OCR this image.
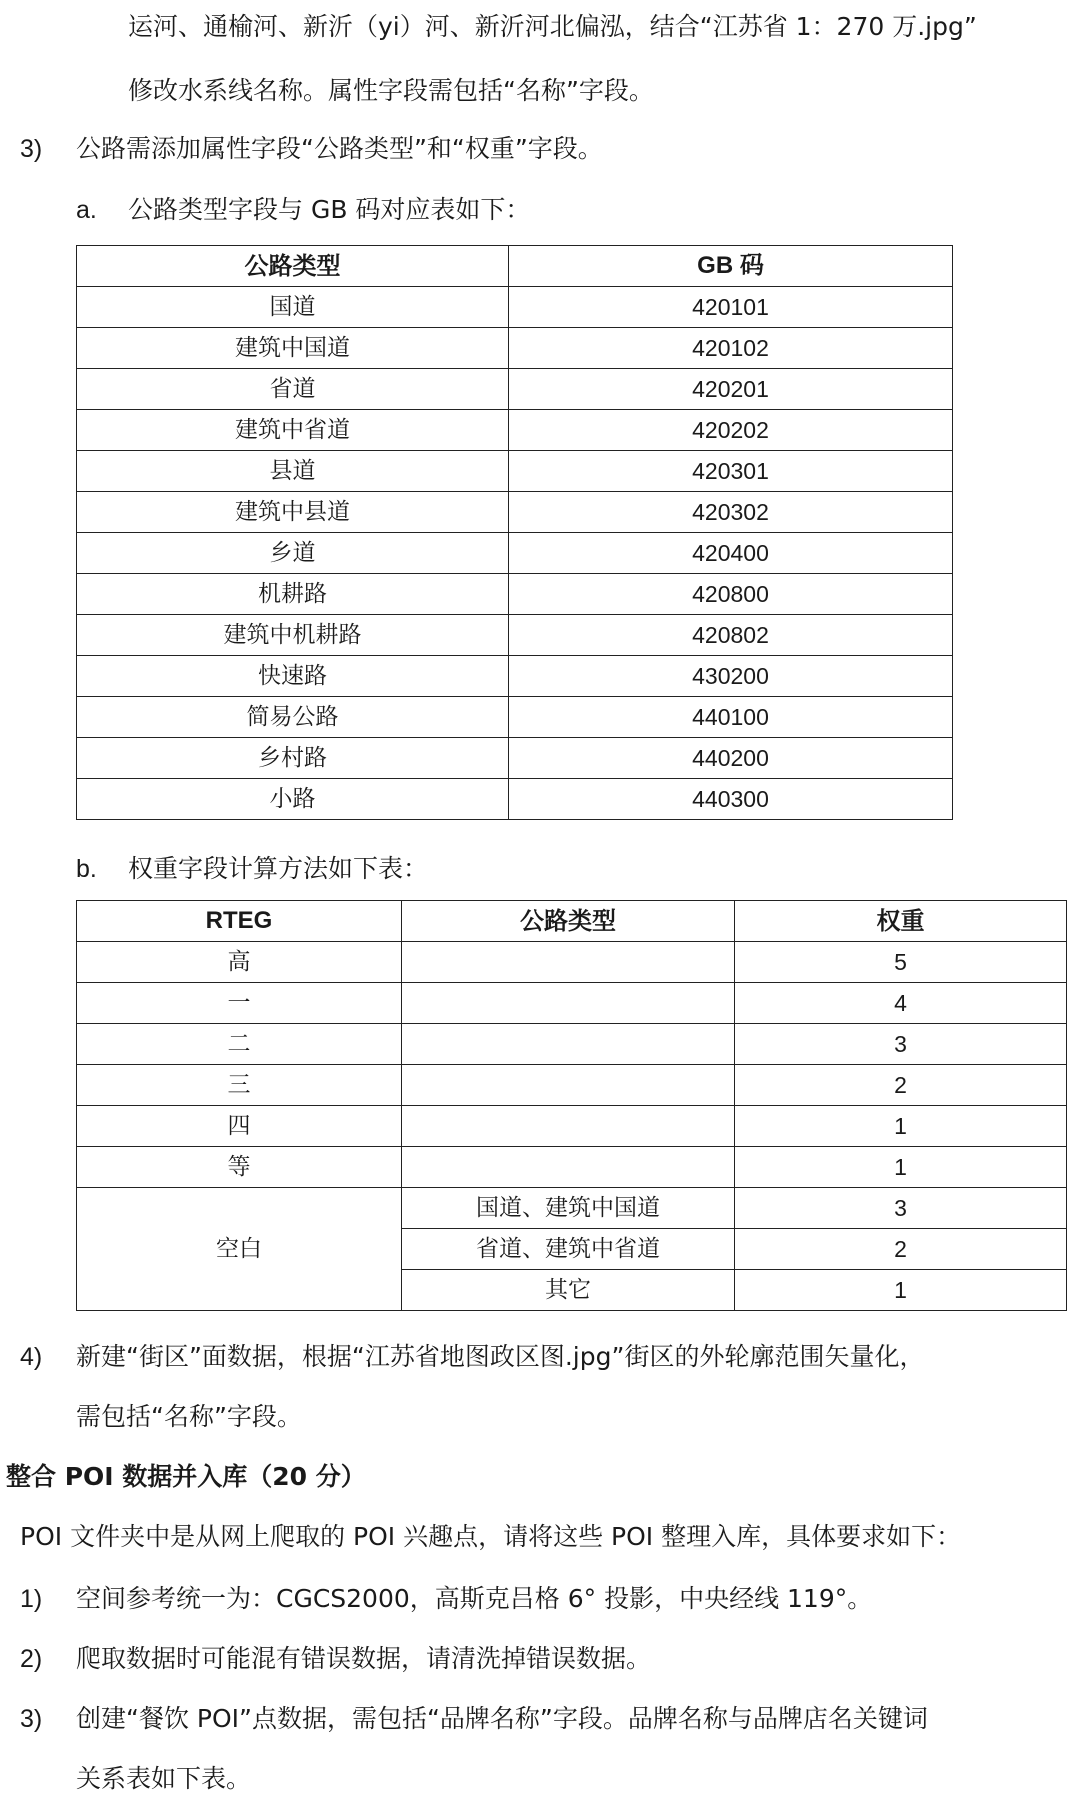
运河、通榆河、新沂（yi）河、新沂河北偏泓，结合“江苏省 1：270 万.jpg”
修改水系线名称。属性字段需包括“名称”字段。
3) 公路需添加属性字段“公路类型”和“权重”字段。
a. 公路类型字段与 GB 码对应表如下：
公路类型	GB 码
国道	420101
建筑中国道	420102
省道	420201
建筑中省道	420202
县道	420301
建筑中县道	420302
乡道	420400
机耕路	420800
建筑中机耕路	420802
快速路	430200
简易公路	440100
乡村路	440200
小路	440300
b. 权重字段计算方法如下表：
RTEG	公路类型	权重
高		5
一		4
二		3
三		2
四		1
等		1
空白	国道、建筑中国道	3
	省道、建筑中省道	2
	其它	1
4) 新建“街区”面数据，根据“江苏省地图政区图.jpg”街区的外轮廓范围矢量化，
需包括“名称”字段。
整合 POI 数据并入库（20 分）
POI 文件夹中是从网上爬取的 POI 兴趣点，请将这些 POI 整理入库，具体要求如下：
1) 空间参考统一为：CGCS2000，高斯克吕格 6° 投影，中央经线 119°。
2) 爬取数据时可能混有错误数据，请清洗掉错误数据。
3) 创建“餐饮 POI”点数据，需包括“品牌名称”字段。品牌名称与品牌店名关键词
关系表如下表。
